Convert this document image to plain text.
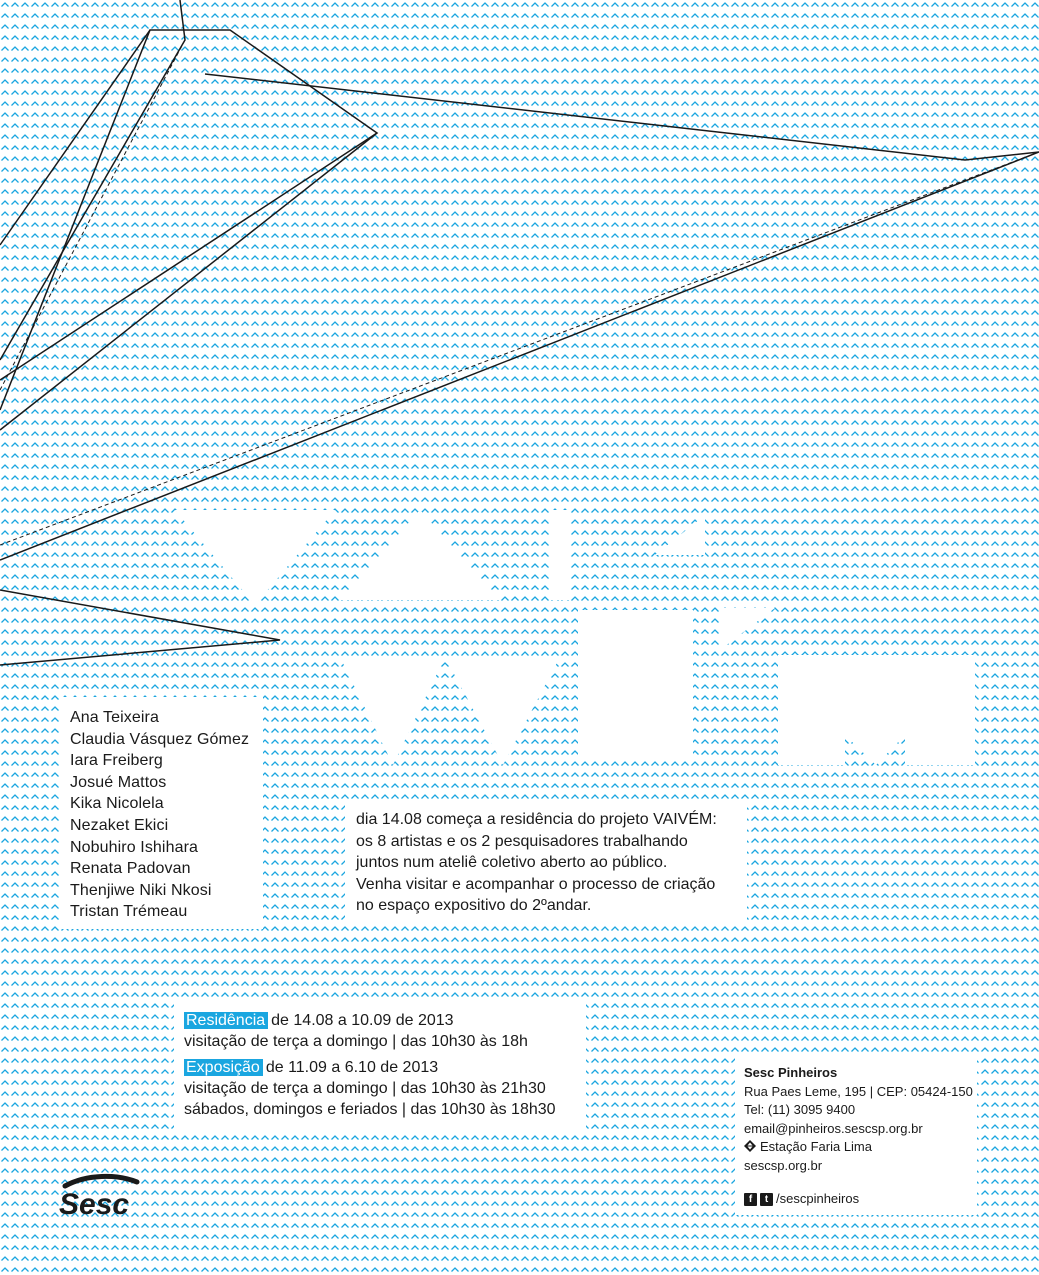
Ana Teixeira
Claudia Vásquez Gómez
Iara Freiberg
Josué Mattos
Kika Nicolela
Nezaket Ekici
Nobuhiro Ishihara
Renata Padovan
Thenjiwe Niki Nkosi
Tristan Trémeau
dia 14.08 começa a residência do projeto VAIVÉM:
os 8 artistas e os 2 pesquisadores trabalhando
juntos num ateliê coletivo aberto ao público.
Venha visitar e acompanhar o processo de criação
no espaço expositivo do 2ºandar.
Residência de 14.08 a 10.09 de 2013
visitação de terça a domingo | das 10h30 às 18h
Exposição de 11.09 a 6.10 de 2013
visitação de terça a domingo | das 10h30 às 21h30
sábados, domingos e feriados | das 10h30 às 18h30
Sesc Pinheiros
Rua Paes Leme, 195 | CEP: 05424-150
Tel: (11) 3095 9400
email@pinheiros.sescsp.org.br
Estação Faria Lima
sescsp.org.br
f	t /sescpinheiros
Sesc
